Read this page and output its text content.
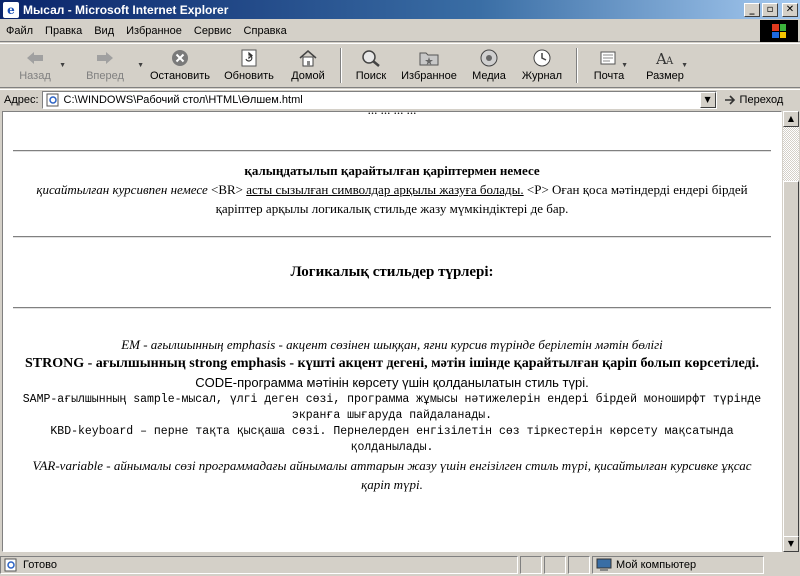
e Мысал - Microsoft Internet Explorer	_	▫	✕
Файл	Правка	Вид	Избранное	Сервис	Справка
Назад
▼
Вперед
▼
Остановить Обновить Домой	Поиск Избранное Медиа Журнал	Почта
▼ A A
Размер
▼
Адрес: C:\WINDOWS\Рабочий стол\HTML\Өлшем.html	▼	Переход

... ... ... ...

қалыңдатылып қарайтылған қаріптермен немесе

қисайтылған курсивпен немесе <BR> асты сызылған символдар арқылы жазуға болады. <P> Оған қоса мәтіндерді ендері бірдей қаріптер арқылы логикалық стильде жазу мүмкіндіктері де бар.

Логикалық стильдер түрлері:

EM - ағылшынның emphasis - акцент сөзінен шыққан, яғни курсив түрінде берілетін мәтін бөлігі

STRONG - ағылшынның strong emphasis - күшті акцент дегені, мәтін ішінде қарайтылған қаріп болып көрсетіледі.

CODE-программа мәтінін көрсету үшін қолданылатын стиль түрі.

SAMP-ағылшынның sample-мысал, үлгі деген сөзі, программа жұмысы нәтижелерін ендері бірдей моноширфт түрінде экранға шығаруда пайдаланады.

KBD-keyboard – перне тақта қысқаша сөзі. Пернелерден енгізілетін сөз тіркестерін көрсету мақсатында қолданылады.

VAR-variable - айнымалы сөзі программадағы айнымалы аттарын жазу үшін енгізілген стиль түрі, қисайтылған курсивке ұқсас қаріп түрі.

▲
▼
Готово	Мой компьютер
